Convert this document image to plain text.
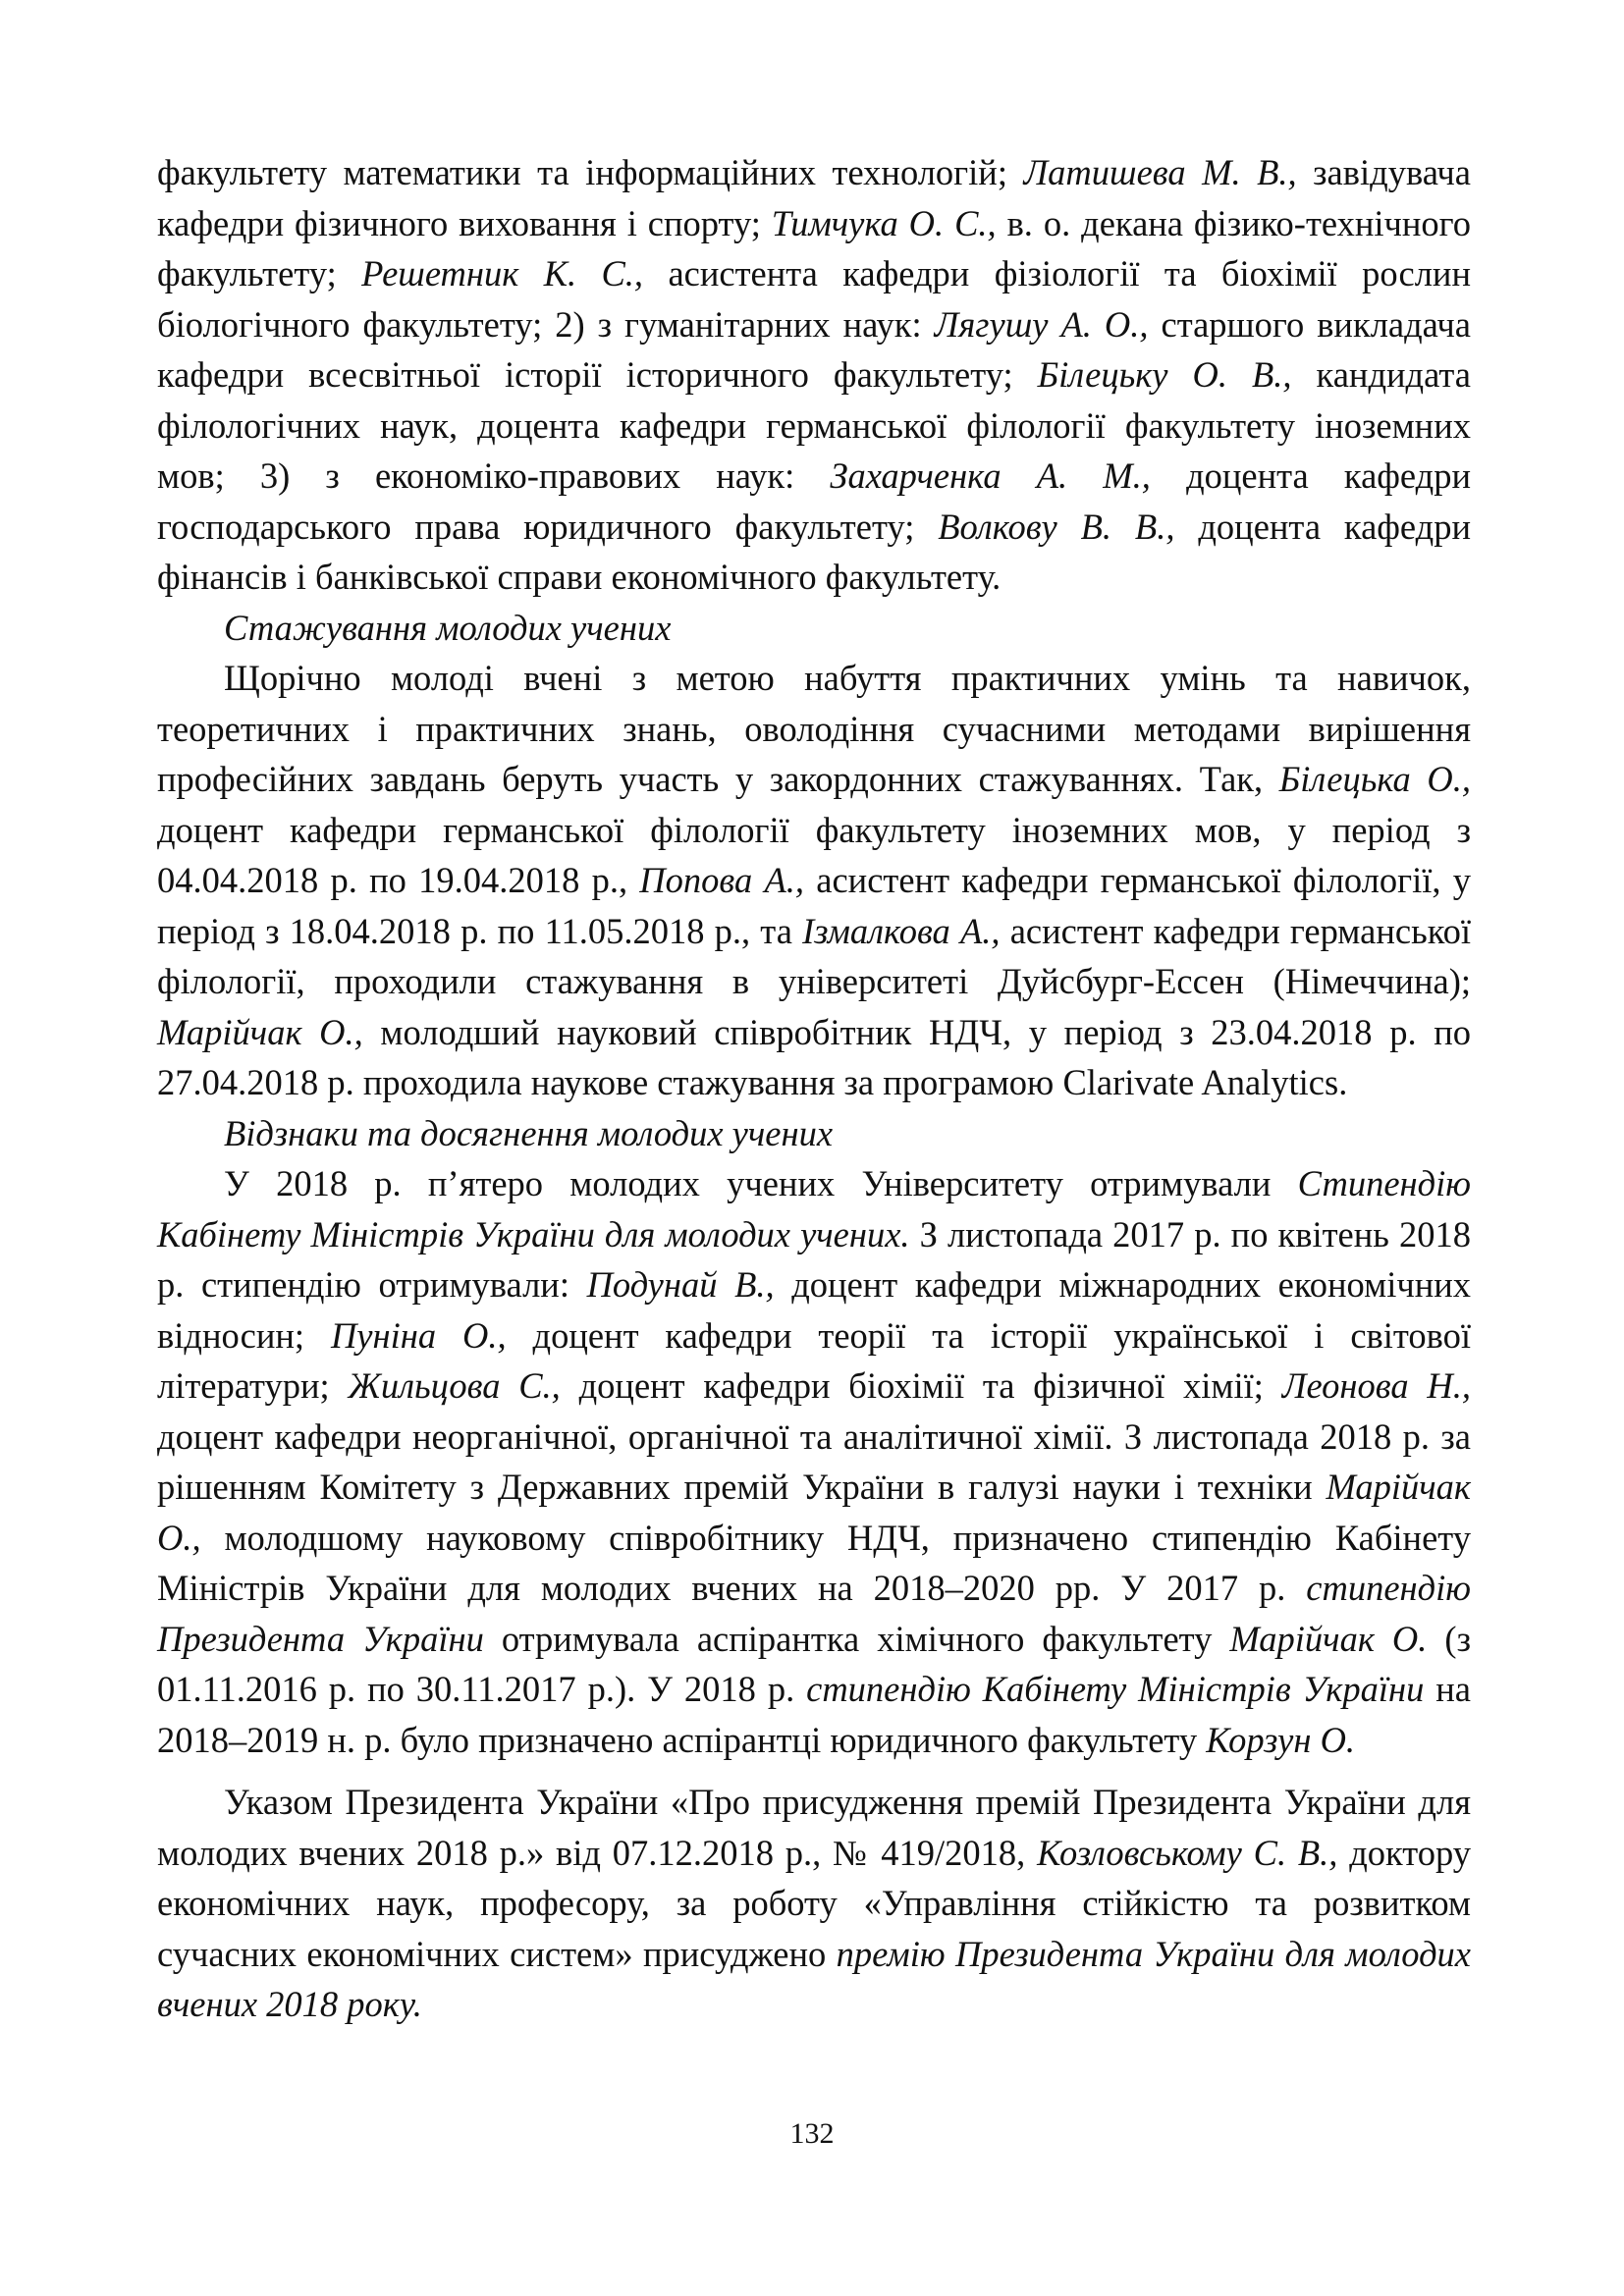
факультету математики та інформаційних технологій; Латишева М. В., завідувача кафедри фізичного виховання і спорту; Тимчука О. С., в. о. декана фізико-технічного факультету; Решетник К. С., асистента кафедри фізіології та біохімії рослин біологічного факультету; 2) з гуманітарних наук: Лягушу А. О., старшого викладача кафедри всесвітньої історії історичного факультету; Білецьку О. В., кандидата філологічних наук, доцента кафедри германської філології факультету іноземних мов; 3) з економіко-правових наук: Захарченка А. М., доцента кафедри господарського права юридичного факультету; Волкову В. В., доцента кафедри фінансів і банківської справи економічного факультету.

Стажування молодих учених

Щорічно молоді вчені з метою набуття практичних умінь та навичок, теоретичних і практичних знань, оволодіння сучасними методами вирішення професійних завдань беруть участь у закордонних стажуваннях. Так, Білецька О., доцент кафедри германської філології факультету іноземних мов, у період з 04.04.2018 р. по 19.04.2018 р., Попова А., асистент кафедри германської філології, у період з 18.04.2018 р. по 11.05.2018 р., та Ізмалкова А., асистент кафедри германської філології, проходили стажування в університеті Дуйсбург-Ессен (Німеччина); Марійчак О., молодший науковий співробітник НДЧ, у період з 23.04.2018 р. по 27.04.2018 р. проходила наукове стажування за програмою Clarivate Analytics.

Відзнаки та досягнення молодих учених

У 2018 р. п’ятеро молодих учених Університету отримували Стипендію Кабінету Міністрів України для молодих учених. З листопада 2017 р. по квітень 2018 р. стипендію отримували: Подунай В., доцент кафедри міжнародних економічних відносин; Пуніна О., доцент кафедри теорії та історії української і світової літератури; Жильцова С., доцент кафедри біохімії та фізичної хімії; Леонова Н., доцент кафедри неорганічної, органічної та аналітичної хімії. З листопада 2018 р. за рішенням Комітету з Державних премій України в галузі науки і техніки Марійчак О., молодшому науковому співробітнику НДЧ, призначено стипендію Кабінету Міністрів України для молодих вчених на 2018–2020 рр. У 2017 р. стипендію Президента України отримувала аспірантка хімічного факультету Марійчак О. (з 01.11.2016 р. по 30.11.2017 р.). У 2018 р. стипендію Кабінету Міністрів України на 2018–2019 н. р. було призначено аспірантці юридичного факультету Корзун О.

Указом Президента України «Про присудження премій Президента України для молодих вчених 2018 р.» від 07.12.2018 р., № 419/2018, Козловському С. В., доктору економічних наук, професору, за роботу «Управління стійкістю та розвитком сучасних економічних систем» присуджено премію Президента України для молодих вчених 2018 року.

132
